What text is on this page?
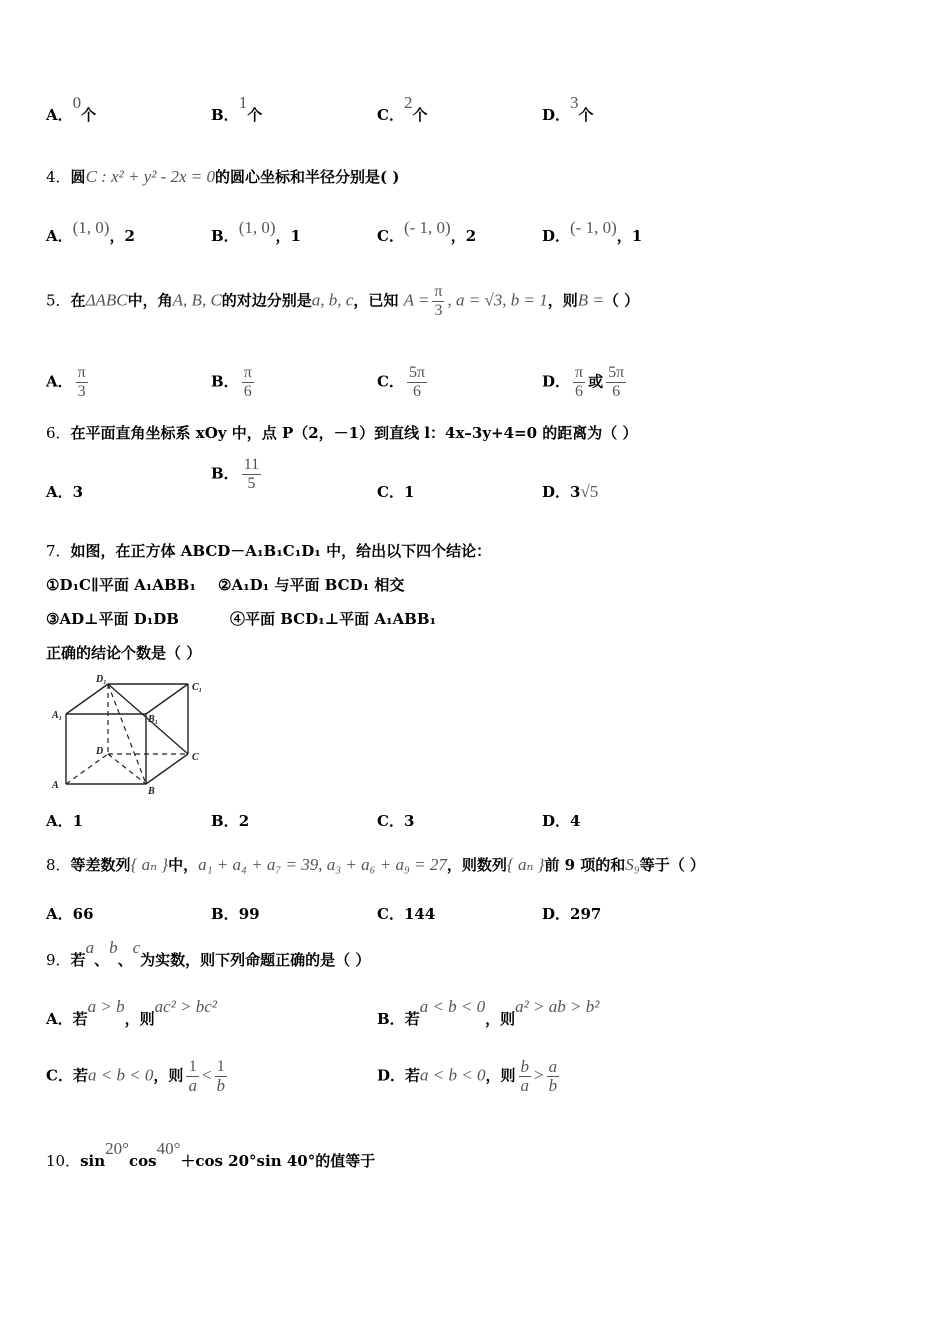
A．0个	B．1个	C．2个	D．3个
4．圆C : x² + y² - 2x = 0的圆心坐标和半径分别是( )
A．(1, 0)，2	B．(1, 0)，1	C．(- 1, 0)，2	D．(- 1, 0)，1
5．在ΔABC中，角A, B, C的对边分别是a, b, c，已知 $A = \frac{\pi}{3}$ , a = √3, b = 1，则B =（ ）
A． $\frac{\pi}{3}$	B． $\frac{\pi}{6}$	C． $\frac{5\pi}{6}$	D． $\frac{\pi}{6}$ 或 $\frac{5\pi}{6}$
6．在平面直角坐标系 xOy 中，点 P（2，－1）到直线 l：4x–3y+4=0 的距离为（ ）
A．3
B． $\frac{11}{5}$	C．1	D．3√5
7．如图，在正方体 ABCD－A₁B₁C₁D₁ 中，给出以下四个结论：
①D₁C∥平面 A₁ABB₁ ②A₁D₁ 与平面 BCD₁ 相交
③AD⊥平面 D₁DB	④平面 BCD₁⊥平面 A₁ABB₁
正确的结论个数是（ ）
D₁
C₁
A₁	B₁
D
C
A
B
A．1	B．2	C．3	D．4
8．等差数列{ aₙ }中，a₁ + a₄ + a₇ = 39, a₃ + a₆ + a₉ = 27，则数列{ aₙ }前 9 项的和S₉等于（ ）
A．66	B．99	C．144	D．297
9．若a、b、c为实数，则下列命题正确的是（ ）
A．若a > b，则ac² > bc²
B．若a < b < 0，则a² > ab > b²
C．若a < b < 0，则 $\frac{1}{a} < \frac{1}{b}$	D．若a < b < 0，则 $\frac{b}{a} > \frac{a}{b}$
10．sin20°cos40°＋cos 20°sin 40°的值等于
